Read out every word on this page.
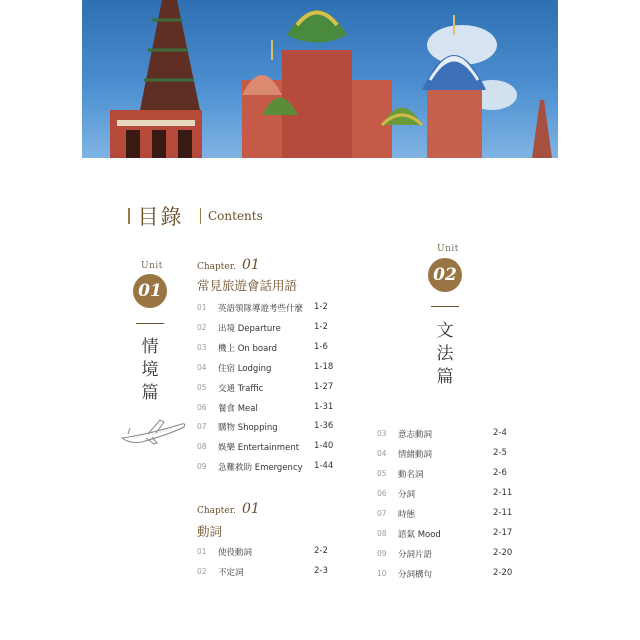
目錄 Contents
Unit
01
情境篇
Chapter. 01
常見旅遊會話用語
01 英語領隊導遊考些什麼 1-2
02 出境 Departure	1-2
03 機上 On board	1-6
04 住宿 Lodging	1-18
05 交通 Traffic	1-27
06 餐食 Meal	1-31
07 購物 Shopping	1-36
08 娛樂 Entertainment 1-40
09 急難救助 Emergency 1-44
Chapter. 01
動詞
01 使役動詞	2-2
02 不定詞	2-3
Unit
02
文法篇
03 意志動詞	2-4
04 情緒動詞	2-5
05 動名詞	2-6
06 分詞	2-11
07 時態	2-11
08 語氣 Mood	2-17
09 分詞片語	2-20
10 分詞構句	2-20
